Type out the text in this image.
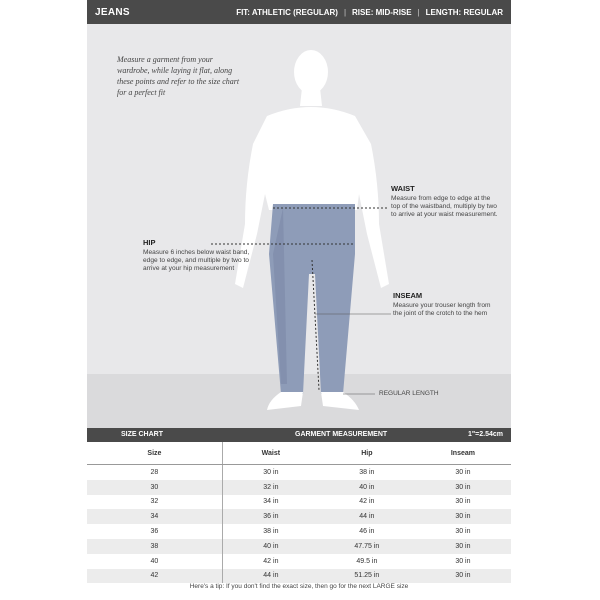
JEANS	FIT: ATHLETIC (REGULAR) | RISE: MID-RISE | LENGTH: REGULAR
Measure a garment from your wardrobe, while laying it flat, along these points and refer to the size chart for a perfect fit
WAIST
Measure from edge to edge at the top of the waistband, multiply by two to arrive at your waist measurement.
HIP
Measure 6 inches below waist band, edge to edge, and multiple by two to arrive at your hip measurement
INSEAM
Measure your trouser length from the joint of the crotch to the hem
REGULAR LENGTH
SIZE CHART	GARMENT MEASUREMENT	1"=2.54cm
Size	Waist	Hip	Inseam
28	30 in	38 in	30 in
30	32 in	40 in	30 in
32	34 in	42 in	30 in
34	36 in	44 in	30 in
36	38 in	46 in	30 in
38	40 in	47.75 in	30 in
40	42 in	49.5 in	30 in
42	44 in	51.25 in	30 in
Here's a tip: If you don't find the exact size, then go for the next LARGE size
